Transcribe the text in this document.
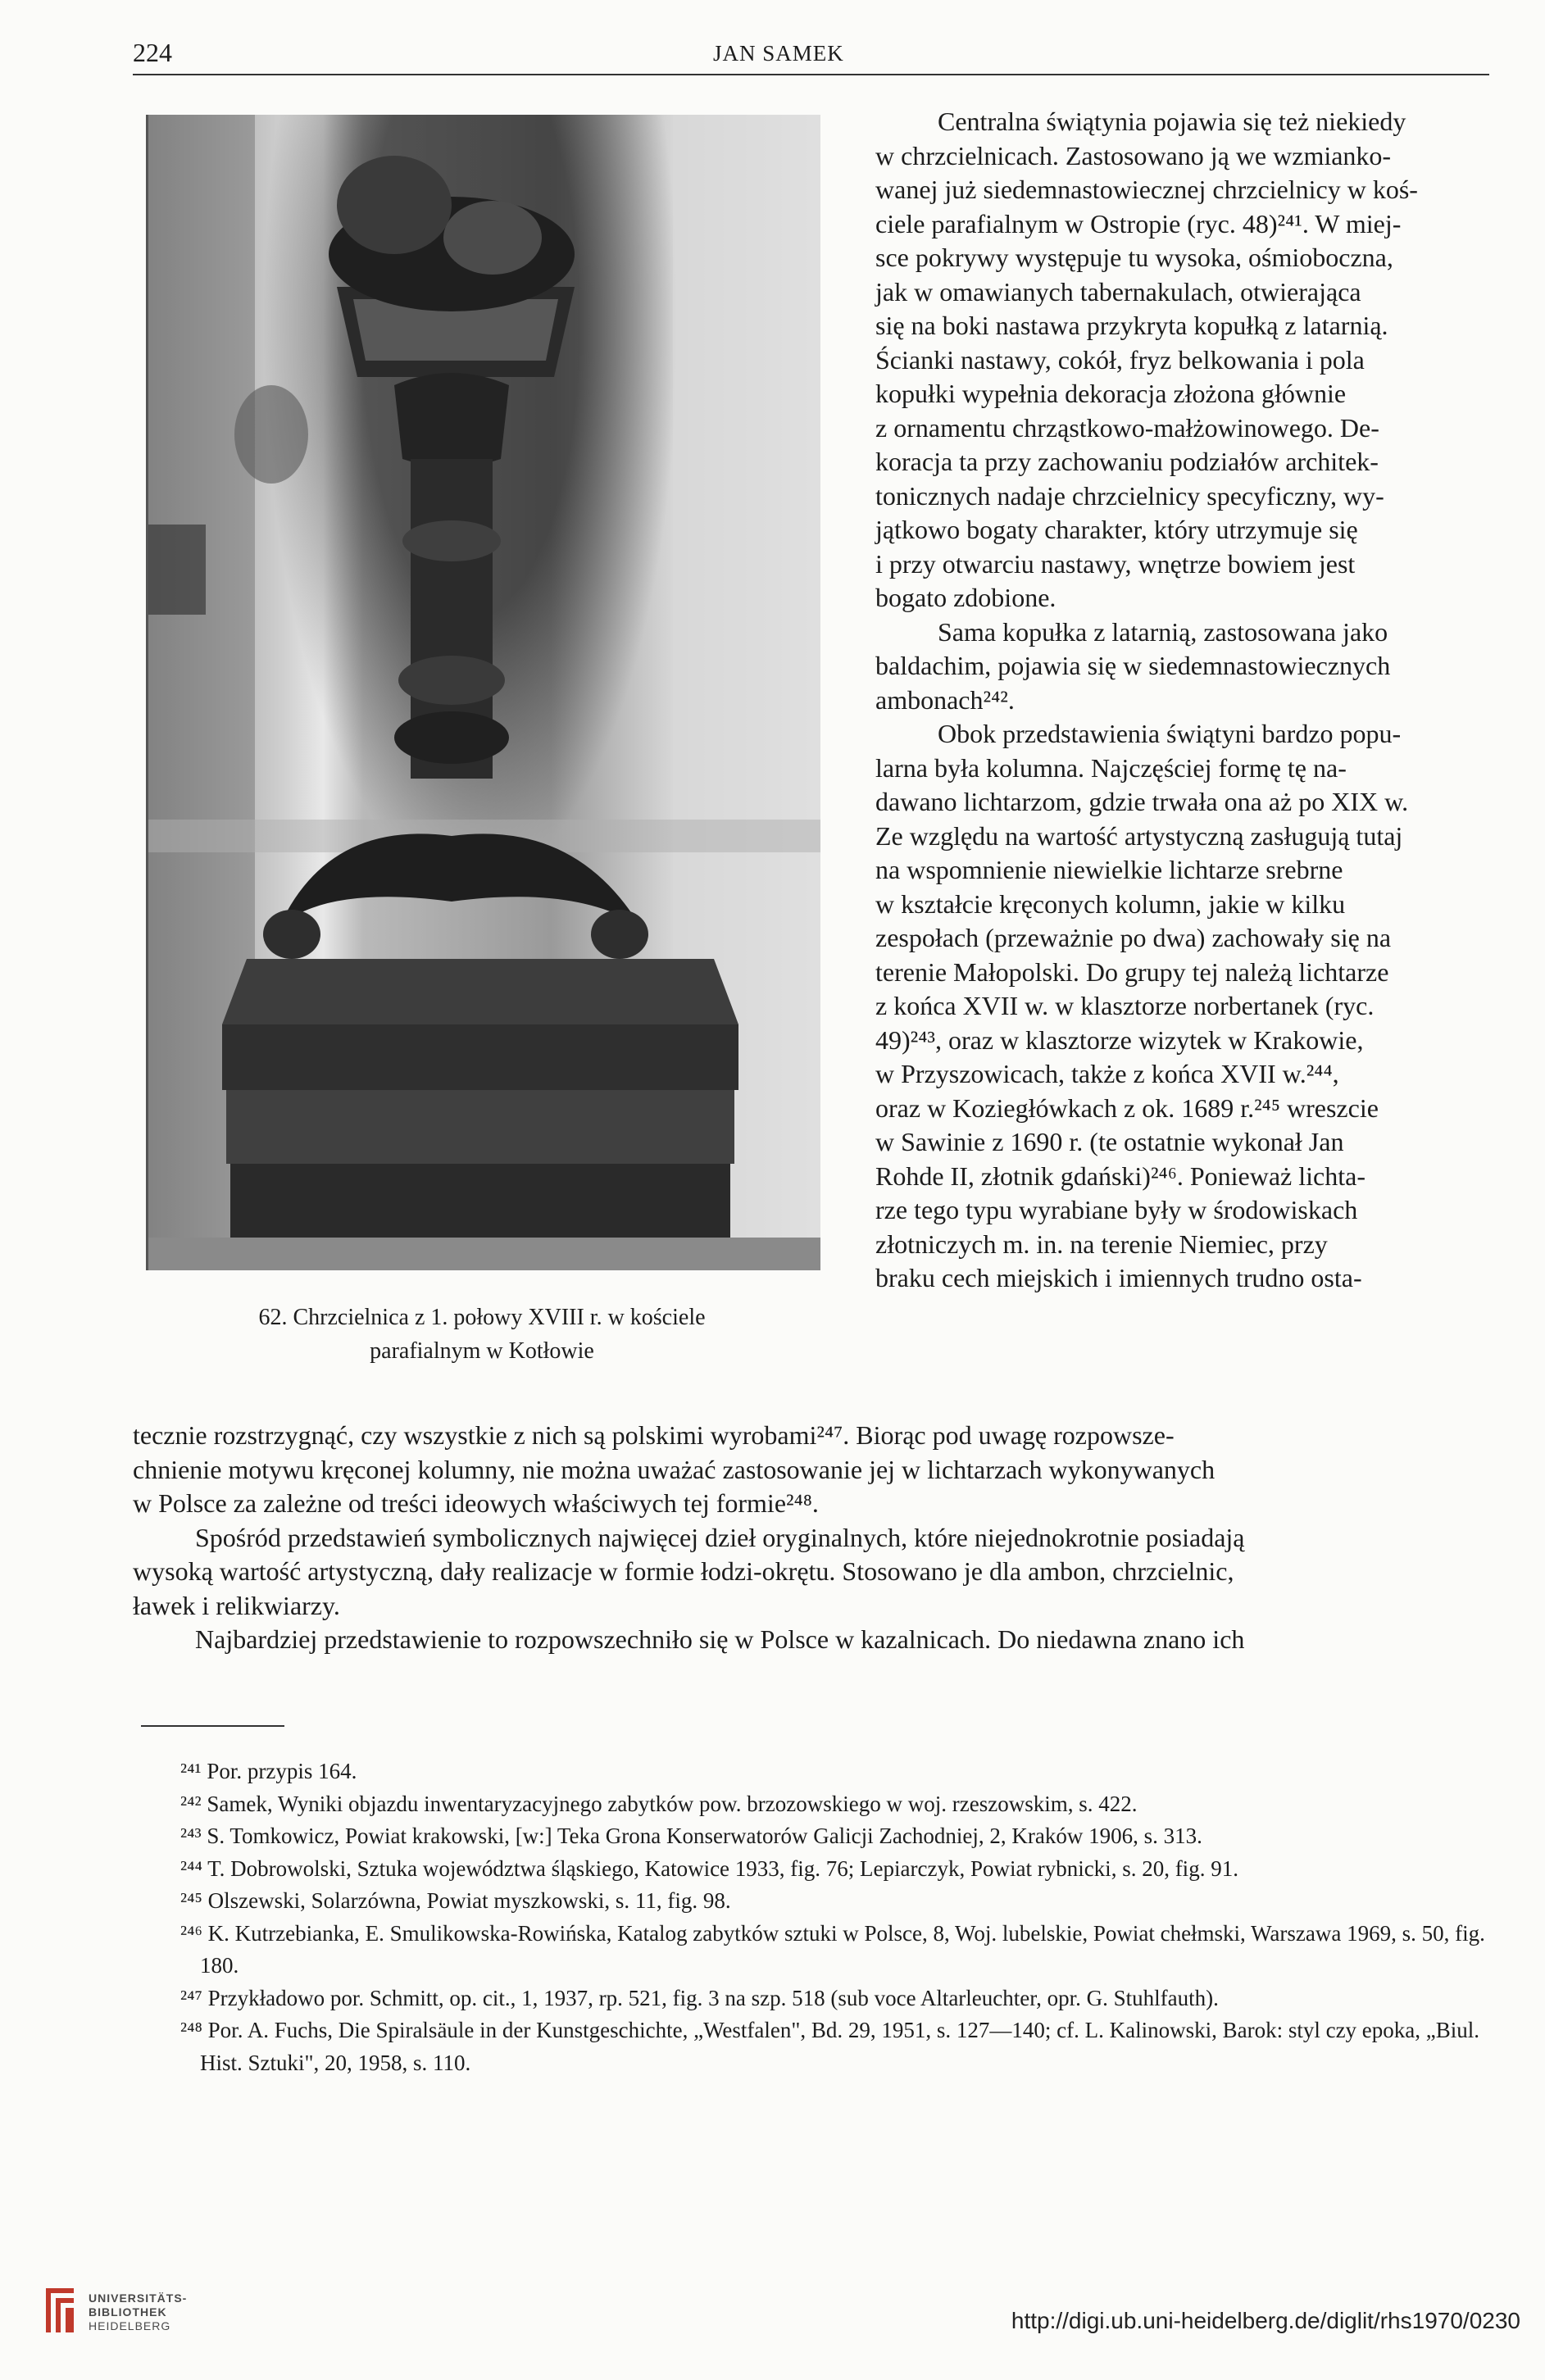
224	JAN SAMEK
62. Chrzcielnica z 1. połowy XVIII r. w kościele
parafialnym w Kotłowie

Centralna świątynia pojawia się też niekiedy

w chrzcielnicach. Zastosowano ją we wzmianko-

wanej już siedemnastowiecznej chrzcielnicy w koś-

ciele parafialnym w Ostropie (ryc. 48)²⁴¹. W miej-

sce pokrywy występuje tu wysoka, ośmioboczna,

jak w omawianych tabernakulach, otwierająca

się na boki nastawa przykryta kopułką z latarnią.

Ścianki nastawy, cokół, fryz belkowania i pola

kopułki wypełnia dekoracja złożona głównie

z ornamentu chrząstkowo-małżowinowego. De-

koracja ta przy zachowaniu podziałów architek-

tonicznych nadaje chrzcielnicy specyficzny, wy-

jątkowo bogaty charakter, który utrzymuje się

i przy otwarciu nastawy, wnętrze bowiem jest

bogato zdobione.

Sama kopułka z latarnią, zastosowana jako

baldachim, pojawia się w siedemnastowiecznych

ambonach²⁴².

Obok przedstawienia świątyni bardzo popu-

larna była kolumna. Najczęściej formę tę na-

dawano lichtarzom, gdzie trwała ona aż po XIX w.

Ze względu na wartość artystyczną zasługują tutaj

na wspomnienie niewielkie lichtarze srebrne

w kształcie kręconych kolumn, jakie w kilku

zespołach (przeważnie po dwa) zachowały się na

terenie Małopolski. Do grupy tej należą lichtarze

z końca XVII w. w klasztorze norbertanek (ryc.

49)²⁴³, oraz w klasztorze wizytek w Krakowie,

w Przyszowicach, także z końca XVII w.²⁴⁴,

oraz w Koziegłówkach z ok. 1689 r.²⁴⁵ wreszcie

w Sawinie z 1690 r. (te ostatnie wykonał Jan

Rohde II, złotnik gdański)²⁴⁶. Ponieważ lichta-

rze tego typu wyrabiane były w środowiskach

złotniczych m. in. na terenie Niemiec, przy

braku cech miejskich i imiennych trudno osta-

tecznie rozstrzygnąć, czy wszystkie z nich są polskimi wyrobami²⁴⁷. Biorąc pod uwagę rozpowsze-

chnienie motywu kręconej kolumny, nie można uważać zastosowanie jej w lichtarzach wykonywanych

w Polsce za zależne od treści ideowych właściwych tej formie²⁴⁸.

Spośród przedstawień symbolicznych najwięcej dzieł oryginalnych, które niejednokrotnie posiadają

wysoką wartość artystyczną, dały realizacje w formie łodzi-okrętu. Stosowano je dla ambon, chrzcielnic,

ławek i relikwiarzy.

Najbardziej przedstawienie to rozpowszechniło się w Polsce w kazalnicach. Do niedawna znano ich

²⁴¹ Por. przypis 164.

²⁴² Samek, Wyniki objazdu inwentaryzacyjnego zabytków pow. brzozowskiego w woj. rzeszowskim, s. 422.

²⁴³ S. Tomkowicz, Powiat krakowski, [w:] Teka Grona Konserwatorów Galicji Zachodniej, 2, Kraków 1906, s. 313.

²⁴⁴ T. Dobrowolski, Sztuka województwa śląskiego, Katowice 1933, fig. 76; Lepiarczyk, Powiat rybnicki, s. 20, fig. 91.

²⁴⁵ Olszewski, Solarzówna, Powiat myszkowski, s. 11, fig. 98.

²⁴⁶ K. Kutrzebianka, E. Smulikowska-Rowińska, Katalog zabytków sztuki w Polsce, 8, Woj. lubelskie, Powiat chełmski, Warszawa 1969, s. 50, fig. 180.

²⁴⁷ Przykładowo por. Schmitt, op. cit., 1, 1937, rp. 521, fig. 3 na szp. 518 (sub voce Altarleuchter, opr. G. Stuhlfauth).

²⁴⁸ Por. A. Fuchs, Die Spiralsäule in der Kunstgeschichte, „Westfalen", Bd. 29, 1951, s. 127—140; cf. L. Kalinowski, Barok: styl czy epoka, „Biul. Hist. Sztuki", 20, 1958, s. 110.

UNIVERSITÄTS-
BIBLIOTHEK
HEIDELBERG	http://digi.ub.uni-heidelberg.de/diglit/rhs1970/0230
